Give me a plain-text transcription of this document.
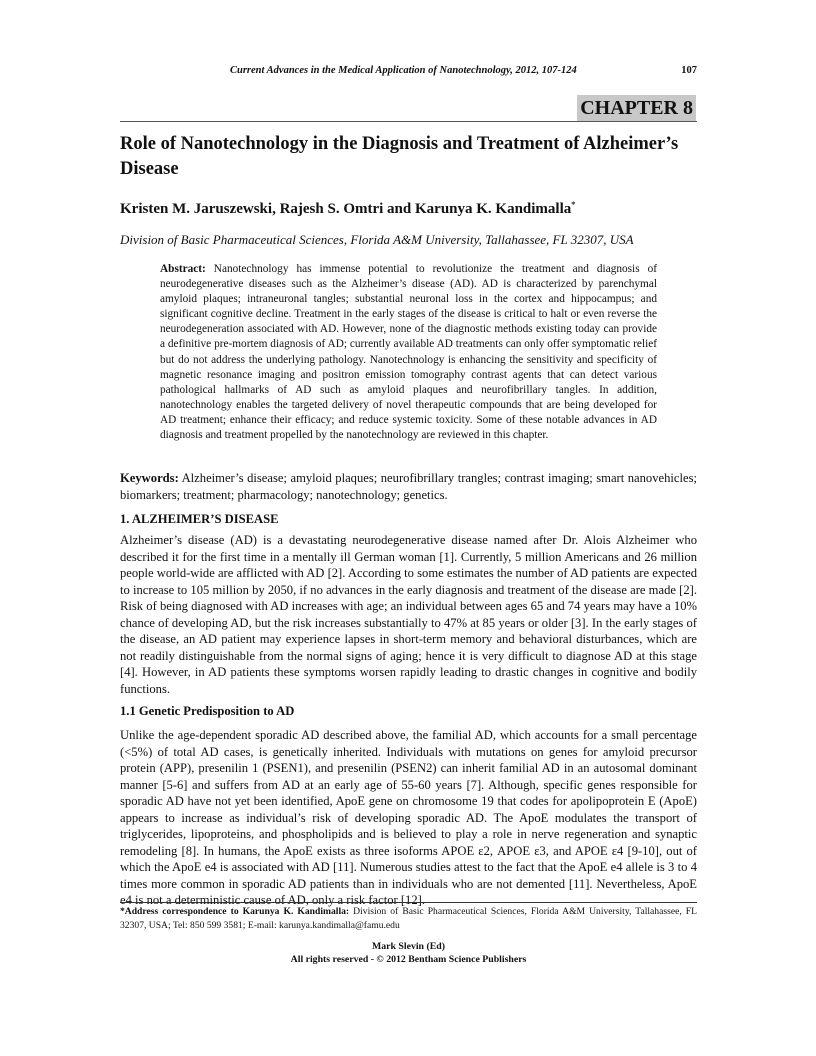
Current Advances in the Medical Application of Nanotechnology, 2012, 107-124	107
CHAPTER 8
Role of Nanotechnology in the Diagnosis and Treatment of Alzheimer’s Disease
Kristen M. Jaruszewski, Rajesh S. Omtri and Karunya K. Kandimalla*
Division of Basic Pharmaceutical Sciences, Florida A&M University, Tallahassee, FL 32307, USA
Abstract: Nanotechnology has immense potential to revolutionize the treatment and diagnosis of neurodegenerative diseases such as the Alzheimer’s disease (AD). AD is characterized by parenchymal amyloid plaques; intraneuronal tangles; substantial neuronal loss in the cortex and hippocampus; and significant cognitive decline. Treatment in the early stages of the disease is critical to halt or even reverse the neurodegeneration associated with AD. However, none of the diagnostic methods existing today can provide a definitive pre-mortem diagnosis of AD; currently available AD treatments can only offer symptomatic relief but do not address the underlying pathology. Nanotechnology is enhancing the sensitivity and specificity of magnetic resonance imaging and positron emission tomography contrast agents that can detect various pathological hallmarks of AD such as amyloid plaques and neurofibrillary tangles. In addition, nanotechnology enables the targeted delivery of novel therapeutic compounds that are being developed for AD treatment; enhance their efficacy; and reduce systemic toxicity. Some of these notable advances in AD diagnosis and treatment propelled by the nanotechnology are reviewed in this chapter.
Keywords: Alzheimer’s disease; amyloid plaques; neurofibrillary trangles; contrast imaging; smart nanovehicles; biomarkers; treatment; pharmacology; nanotechnology; genetics.
1. ALZHEIMER’S DISEASE
Alzheimer’s disease (AD) is a devastating neurodegenerative disease named after Dr. Alois Alzheimer who described it for the first time in a mentally ill German woman [1]. Currently, 5 million Americans and 26 million people world-wide are afflicted with AD [2]. According to some estimates the number of AD patients are expected to increase to 105 million by 2050, if no advances in the early diagnosis and treatment of the disease are made [2]. Risk of being diagnosed with AD increases with age; an individual between ages 65 and 74 years may have a 10% chance of developing AD, but the risk increases substantially to 47% at 85 years or older [3]. In the early stages of the disease, an AD patient may experience lapses in short-term memory and behavioral disturbances, which are not readily distinguishable from the normal signs of aging; hence it is very difficult to diagnose AD at this stage [4]. However, in AD patients these symptoms worsen rapidly leading to drastic changes in cognitive and bodily functions.
1.1 Genetic Predisposition to AD
Unlike the age-dependent sporadic AD described above, the familial AD, which accounts for a small percentage (<5%) of total AD cases, is genetically inherited. Individuals with mutations on genes for amyloid precursor protein (APP), presenilin 1 (PSEN1), and presenilin (PSEN2) can inherit familial AD in an autosomal dominant manner [5-6] and suffers from AD at an early age of 55-60 years [7]. Although, specific genes responsible for sporadic AD have not yet been identified, ApoE gene on chromosome 19 that codes for apolipoprotein E (ApoE) appears to increase as individual’s risk of developing sporadic AD. The ApoE modulates the transport of triglycerides, lipoproteins, and phospholipids and is believed to play a role in nerve regeneration and synaptic remodeling [8]. In humans, the ApoE exists as three isoforms APOE ε2, APOE ε3, and APOE ε4 [9-10], out of which the ApoE e4 is associated with AD [11]. Numerous studies attest to the fact that the ApoE e4 allele is 3 to 4 times more common in sporadic AD patients than in individuals who are not demented [11]. Nevertheless, ApoE e4 is not a deterministic cause of AD, only a risk factor [12].
*Address correspondence to Karunya K. Kandimalla: Division of Basic Pharmaceutical Sciences, Florida A&M University, Tallahassee, FL 32307, USA; Tel: 850 599 3581; E-mail: karunya.kandimalla@famu.edu
Mark Slevin (Ed)
All rights reserved - © 2012 Bentham Science Publishers
